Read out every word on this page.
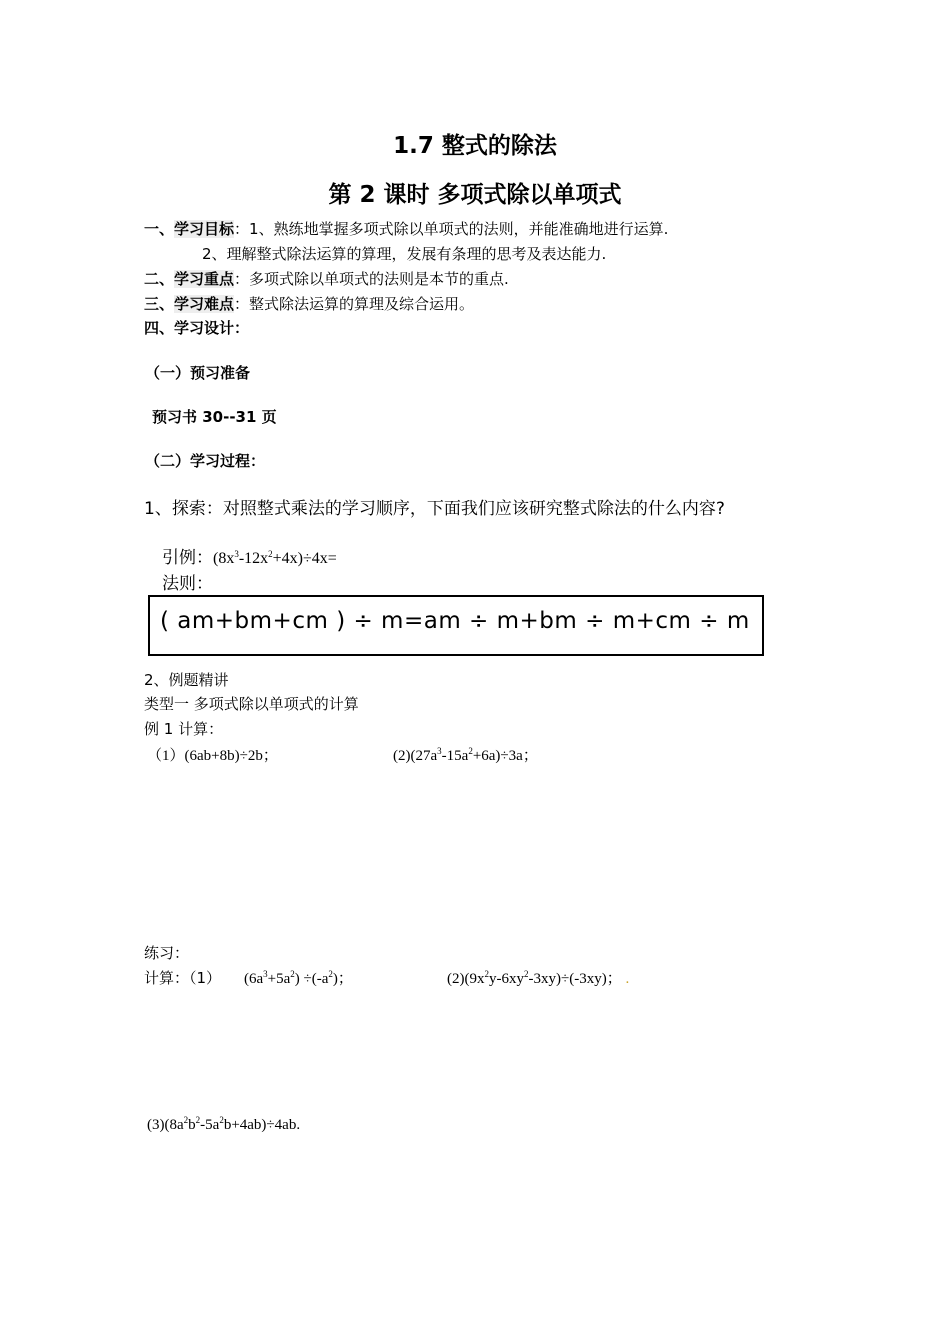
1.7 整式的除法
第 2 课时 多项式除以单项式
一、学习目标：1、熟练地掌握多项式除以单项式的法则，并能准确地进行运算.
2、理解整式除法运算的算理，发展有条理的思考及表达能力.
二、学习重点：多项式除以单项式的法则是本节的重点.
三、学习难点：整式除法运算的算理及综合运用。
四、学习设计：
（一）预习准备
预习书 30--31 页
（二）学习过程：
1、探索：对照整式乘法的学习顺序，下面我们应该研究整式除法的什么内容?
引例：$(8x^3-12x^2+4x)\div 4x=$
法则：
( am+bm+cm ) ÷ m=am ÷ m+bm ÷ m+cm ÷ m
2、例题精讲
类型一 多项式除以单项式的计算
例 1 计算：
（1）(6ab+8b)÷2b；	$(2)(27a^3-15a^2+6a)\div 3a$；
练习：
计算：（1） $(6a^3+5a^2) \div(-a^2)$；	$(2)(9x^2y-6xy^2-3xy)\div(-3xy)$； .
$(3)(8a^2b^2-5a^2b+4ab)\div 4ab$.
